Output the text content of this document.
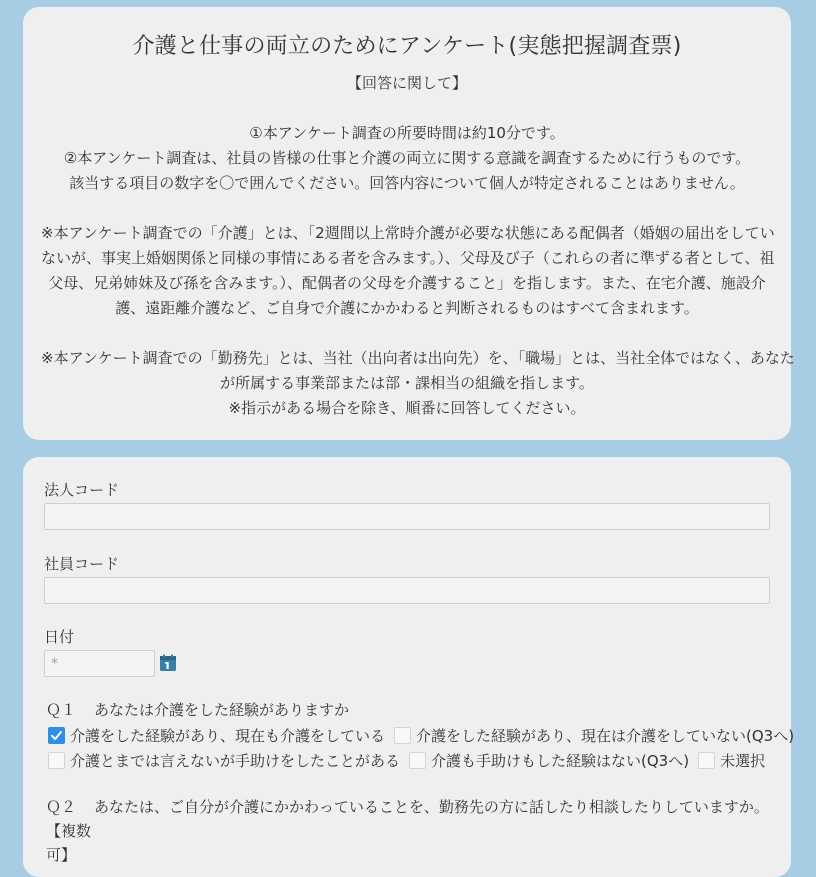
介護と仕事の両立のためにアンケート(実態把握調査票)
【回答に関して】
①本アンケート調査の所要時間は約10分です。
②本アンケート調査は、社員の皆様の仕事と介護の両立に関する意識を調査するために行うものです。
該当する項目の数字を〇で囲んでください。回答内容について個人が特定されることはありません。
※本アンケート調査での「介護」とは、「2週間以上常時介護が必要な状態にある配偶者（婚姻の届出をしてい
ないが、事実上婚姻関係と同様の事情にある者を含みます。）、父母及び子（これらの者に準ずる者として、祖
父母、兄弟姉妹及び孫を含みます。）、配偶者の父母を介護すること」を指します。また、在宅介護、施設介
護、遠距離介護など、ご自身で介護にかかわると判断されるものはすべて含まれます。
※本アンケート調査での「勤務先」とは、当社（出向者は出向先）を、「職場」とは、当社全体ではなく、あなた
が所属する事業部または部・課相当の組織を指します。
※指示がある場合を除き、順番に回答してください。
法人コード
社員コード
日付
*
Ｑ１ あなたは介護をした経験がありますか
介護をした経験があり、現在も介護をしている 介護をした経験があり、現在は介護をしていない(Q3へ)
介護とまでは言えないが手助けをしたことがある 介護も手助けもした経験はない(Q3へ) 未選択
Ｑ２ あなたは、ご自分が介護にかかわっていることを、勤務先の方に話したり相談したりしていますか。【複数
可】
